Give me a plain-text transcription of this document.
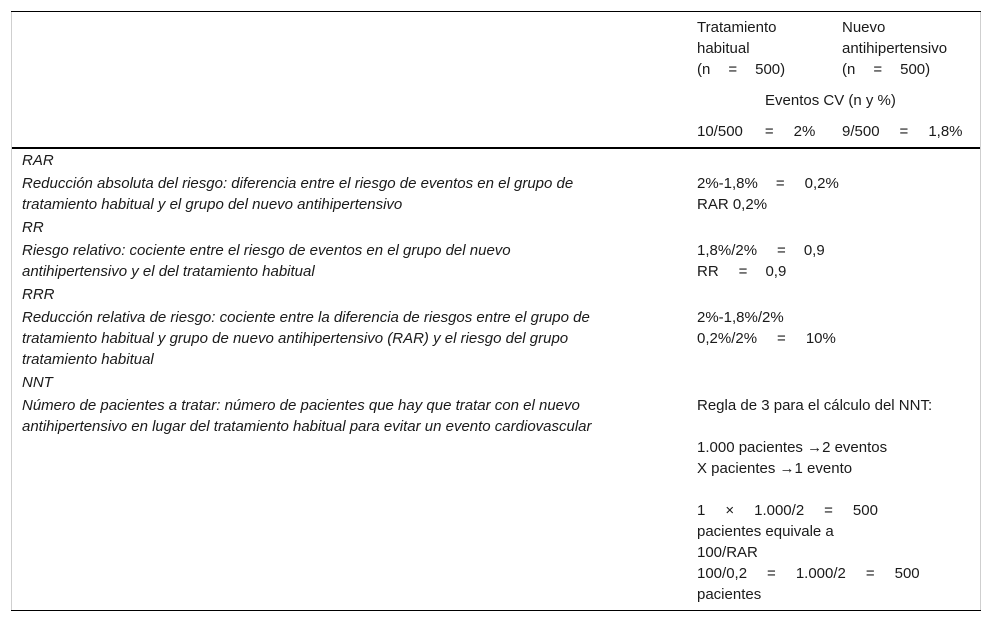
Tratamiento
habitual
(n = 500)
Nuevo
antihipertensivo
(n = 500)
Eventos CV (n y %)
10/500 = 2% 9/500 = 1,8%
RAR
Reducción absoluta del riesgo: diferencia entre el riesgo de eventos en el grupo de
tratamiento habitual y el grupo del nuevo antihipertensivo
2%-1,8% = 0,2%
RAR 0,2%
RR
Riesgo relativo: cociente entre el riesgo de eventos en el grupo del nuevo
antihipertensivo y el del tratamiento habitual
1,8%/2% = 0,9
RR = 0,9
RRR
Reducción relativa de riesgo: cociente entre la diferencia de riesgos entre el grupo de
tratamiento habitual y grupo de nuevo antihipertensivo (RAR) y el riesgo del grupo
tratamiento habitual
2%-1,8%/2%
0,2%/2% = 10%
NNT
Número de pacientes a tratar: número de pacientes que hay que tratar con el nuevo
antihipertensivo en lugar del tratamiento habitual para evitar un evento cardiovascular
Regla de 3 para el cálculo del NNT:
1.000 pacientes →2 eventos
X pacientes →1 evento
1 × 1.000/2 = 500
pacientes equivale a
100/RAR
100/0,2 = 1.000/2 = 500
pacientes
